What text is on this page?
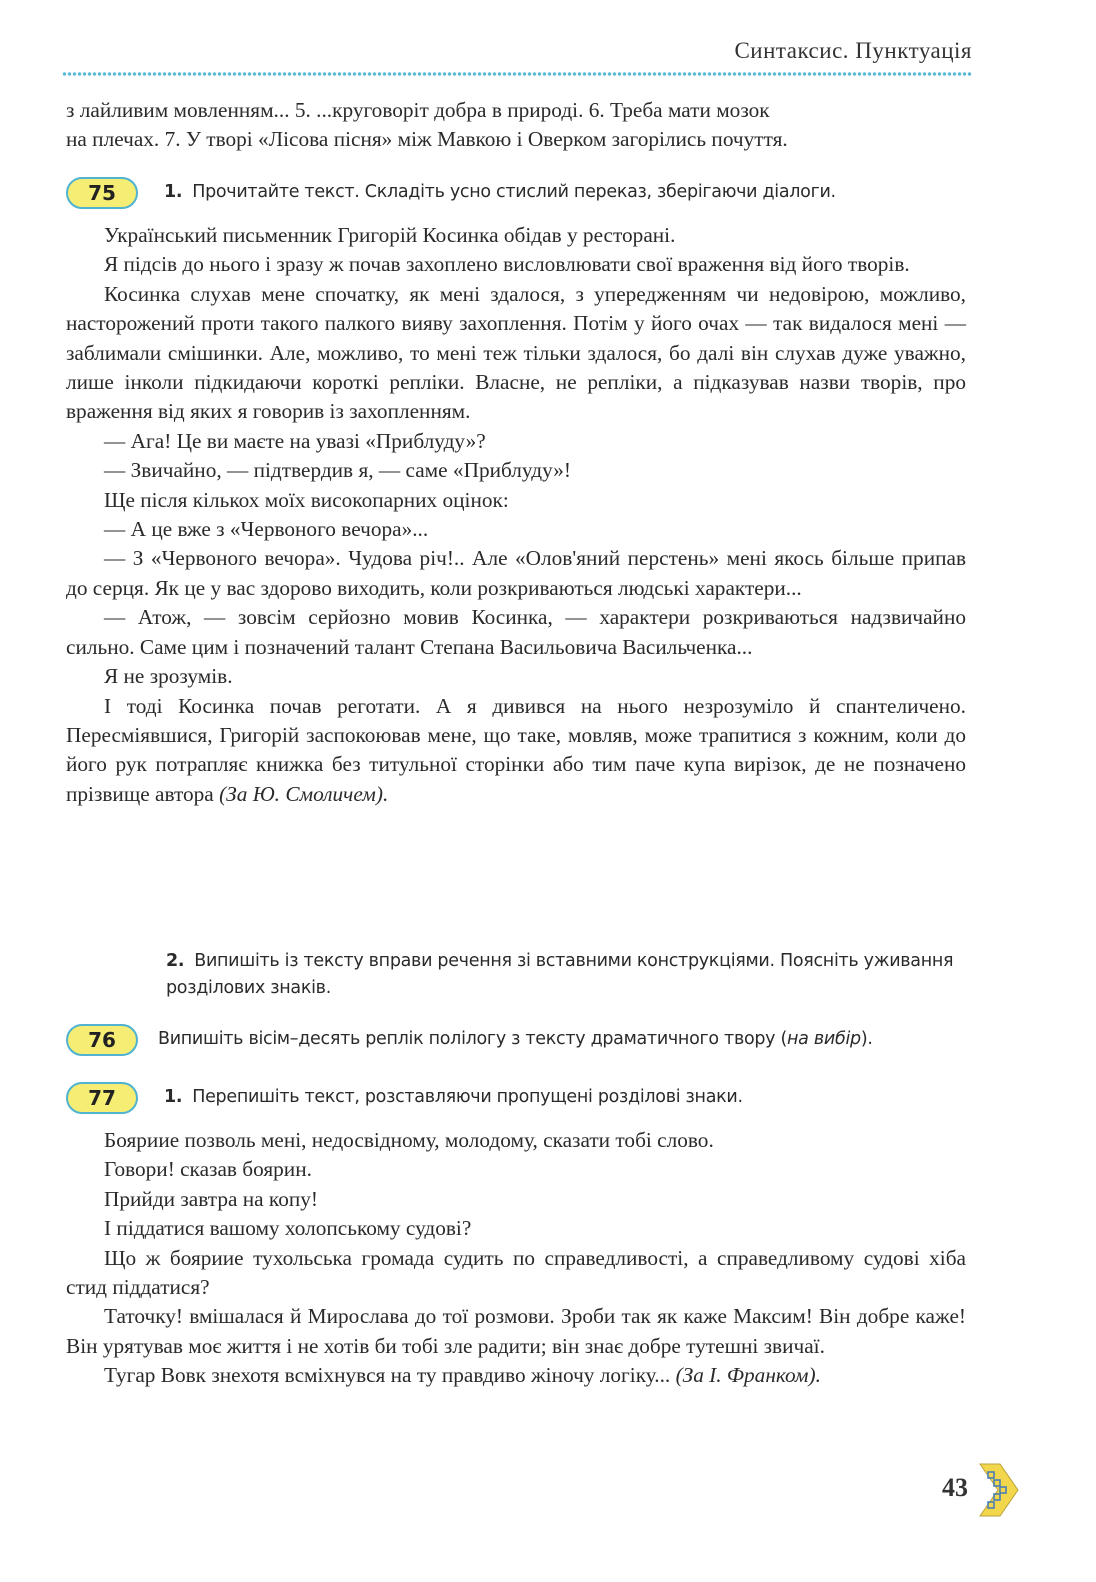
Синтаксис. Пунктуація

з лайливим мовленням... 5. ...круговорiт добра в природi. 6. Треба мати мозок

на плечах. 7. У творi «Лiсова пiсня» мiж Мавкою i Оверком загорiлись почуття.

75	1. Прочитайте текст. Складiть усно стислий переказ, зберiгаючи дiалоги.

Український письменник Григорiй Косинка обiдав у ресторанi.

Я пiдсiв до нього i зразу ж почав захоплено висловлювати свої враження вiд його творiв.

Косинка слухав мене спочатку, як менi здалося, з упередженням чи недовiрою, можливо, насторожений проти такого палкого вияву захоплення. Потiм у його очах — так видалося менi — заблимали смiшинки. Але, можливо, то менi теж тiльки здалося, бо далi вiн слухав дуже уважно, лише iнколи пiдкидаючи короткi репліки. Власне, не репліки, а пiдказував назви творiв, про враження вiд яких я говорив iз захопленням.

— Ага! Це ви маєте на увазi «Приблуду»?

— Звичайно, — пiдтвердив я, — саме «Приблуду»!

Ще пiсля кiлькох моїх високопарних оцiнок:

— А це вже з «Червоного вечора»...

— З «Червоного вечора». Чудова рiч!.. Але «Олов'яний перстень» менi якось бiльше припав до серця. Як це у вас здорово виходить, коли розкриваються людськi характери...

— Атож, — зовсiм серйозно мовив Косинка, — характери розкриваються надзвичайно сильно. Саме цим i позначений талант Степана Васильовича Васильченка...

Я не зрозумiв.

I тодi Косинка почав реготати. А я дивився на нього незрозумiло й спантеличено. Пересмiявшися, Григорiй заспокоював мене, що таке, мовляв, може трапитися з кожним, коли до його рук потрапляє книжка без титульної сторiнки або тим паче купа вирiзок, де не позначено прiзвище автора (За Ю. Смоличем).

2. Випишiть iз тексту вправи речення зi вставними конструкцiями. Поясніть уживання роздiлових знакiв.
76	Випишiть вiсiм–десять реплiк полiлогу з тексту драматичного твору (на вибiр).
77	1. Перепишiть текст, розставляючи пропущенi роздiловi знаки.

Бояриие позволь менi, недосвiдному, молодому, сказати тобi слово.

Говори! сказав боярин.

Прийди завтра на копу!

I пiддатися вашому холопському судовi?

Що ж бояриие тухольська громада судить по справедливостi, а справедливому судовi хiба стид пiддатися?

Таточку! вмiшалася й Мирослава до тої розмови. Зроби так як каже Максим! Вiн добре каже! Вiн урятував моє життя i не хотiв би тобi зле радити; вiн знає добре тутешнi звичаї.

Тугар Вовк знехотя всмiхнувся на ту правдиво жiночу логiку... (За I. Франком).

43
